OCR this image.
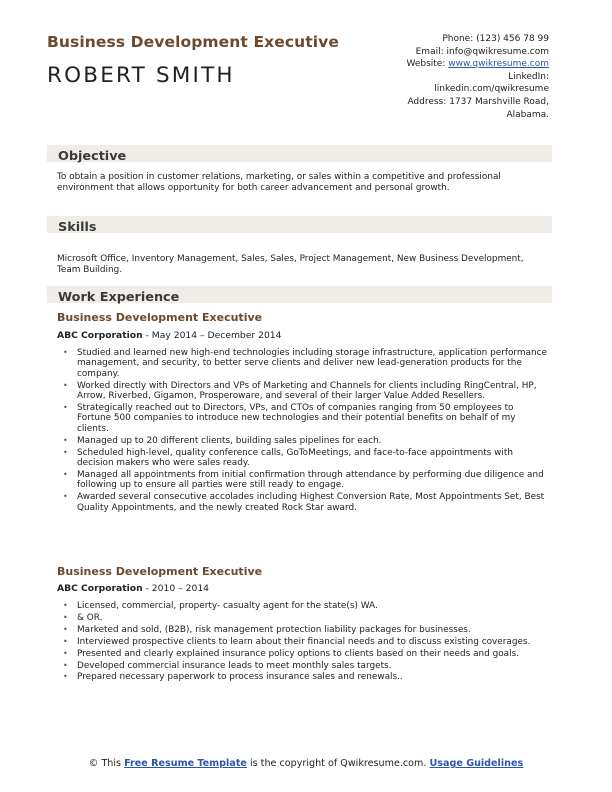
Business Development Executive
ROBERT SMITH
Phone: (123) 456 78 99
Email: info@qwikresume.com
Website: www.qwikresume.com
LinkedIn:
linkedin.com/qwikresume
Address: 1737 Marshville Road,
Alabama.
Objective

To obtain a position in customer relations, marketing, or sales within a competitive and professional environment that allows opportunity for both career advancement and personal growth.

Skills

Microsoft Office, Inventory Management, Sales, Sales, Project Management, New Business Development, Team Building.

Work Experience

Business Development Executive

ABC Corporation - May 2014 – December 2014

• Studied and learned new high-end technologies including storage infrastructure, application performance management, and security, to better serve clients and deliver new lead-generation products for the company.
• Worked directly with Directors and VPs of Marketing and Channels for clients including RingCentral, HP, Arrow, Riverbed, Gigamon, Prosperoware, and several of their larger Value Added Resellers.
• Strategically reached out to Directors, VPs, and CTOs of companies ranging from 50 employees to Fortune 500 companies to introduce new technologies and their potential benefits on behalf of my clients.
• Managed up to 20 different clients, building sales pipelines for each.
• Scheduled high-level, quality conference calls, GoToMeetings, and face-to-face appointments with decision makers who were sales ready.
• Managed all appointments from initial confirmation through attendance by performing due diligence and following up to ensure all parties were still ready to engage.
• Awarded several consecutive accolades including Highest Conversion Rate, Most Appointments Set, Best Quality Appointments, and the newly created Rock Star award.

Business Development Executive

ABC Corporation - 2010 – 2014

• Licensed, commercial, property- casualty agent for the state(s) WA.
• & OR.
• Marketed and sold, (B2B), risk management protection liability packages for businesses.
• Interviewed prospective clients to learn about their financial needs and to discuss existing coverages.
• Presented and clearly explained insurance policy options to clients based on their needs and goals.
• Developed commercial insurance leads to meet monthly sales targets.
• Prepared necessary paperwork to process insurance sales and renewals..
© This Free Resume Template is the copyright of Qwikresume.com. Usage Guidelines
